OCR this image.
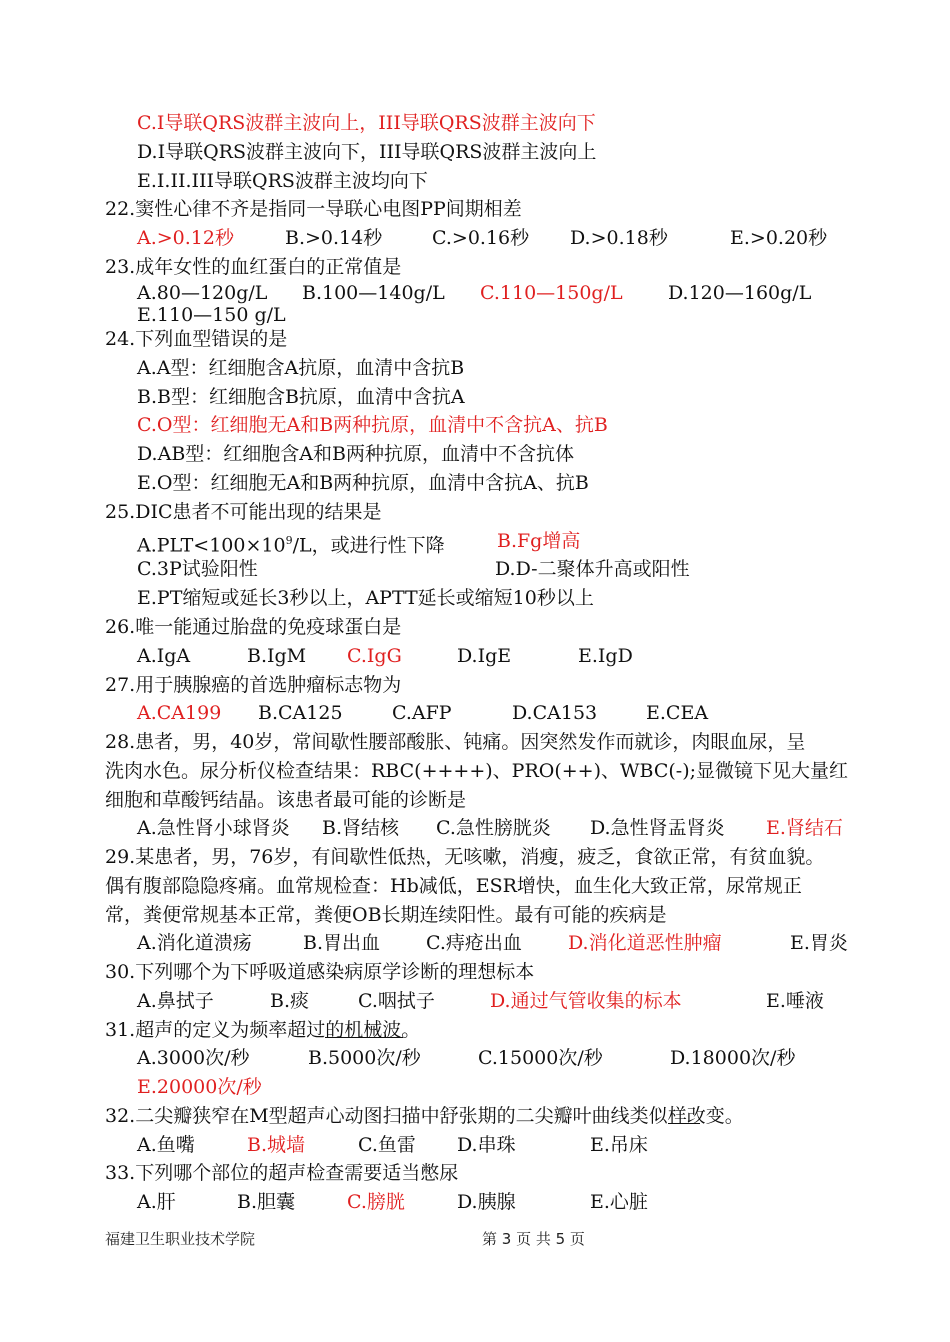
C.I导联QRS波群主波向上，III导联QRS波群主波向下
D.I导联QRS波群主波向下，III导联QRS波群主波向上
E.I.II.III导联QRS波群主波均向下
22.窦性心律不齐是指同一导联心电图PP间期相差
A.>0.12秒	B.>0.14秒	C.>0.16秒 D.>0.18秒	E.>0.20秒
23.成年女性的血红蛋白的正常值是
A.80—120g/L B.100—140g/L C.110—150g/L D.120—160g/L
E.110—150 g/L
24.下列血型错误的是
A.A型：红细胞含A抗原，血清中含抗B
B.B型：红细胞含B抗原，血清中含抗A
C.O型：红细胞无A和B两种抗原，血清中不含抗A、抗B
D.AB型：红细胞含A和B两种抗原，血清中不含抗体
E.O型：红细胞无A和B两种抗原，血清中含抗A、抗B
25.DIC患者不可能出现的结果是
$A.PLT<100\times 10^9/L$，或进行性下降	B.Fg增高
C.3P试验阳性	D.D-二聚体升高或阳性
E.PT缩短或延长3秒以上，APTT延长或缩短10秒以上
26.唯一能通过胎盘的免疫球蛋白是
A.IgA	B.IgM C.IgG	D.IgE	E.IgD
27.用于胰腺癌的首选肿瘤标志物为
A.CA199 B.CA125	C.AFP	D.CA153	E.CEA
28.患者，男，40岁，常间歇性腰部酸胀、钝痛。因突然发作而就诊，肉眼血尿，呈
洗肉水色。尿分析仪检查结果：RBC(++++)、PRO(++)、WBC(-);显微镜下见大量红
细胞和草酸钙结晶。该患者最可能的诊断是
A.急性肾小球肾炎 B.肾结核 C.急性膀胱炎 D.急性肾盂肾炎 E.肾结石
29.某患者，男，76岁，有间歇性低热，无咳嗽，消瘦，疲乏，食欲正常，有贫血貌。
偶有腹部隐隐疼痛。血常规检查：Hb减低，ESR增快，血生化大致正常，尿常规正
常，粪便常规基本正常，粪便OB长期连续阳性。最有可能的疾病是
A.消化道溃疡	B.胃出血 C.痔疮出血 D.消化道恶性肿瘤	E.胃炎
30.下列哪个为下呼吸道感染病原学诊断的理想标本
A.鼻拭子	B.痰	C.咽拭子	D.通过气管收集的标本	E.唾液
31.超声的定义为频率超过
的机械波。
A.3000次/秒	B.5000次/秒	C.15000次/秒	D.18000次/秒
E.20000次/秒
32.二尖瓣狭窄在M型超声心动图扫描中舒张期的二尖瓣叶曲线类似
样改变。
A.鱼嘴	B.城墙	C.鱼雷 D.串珠	E.吊床
33.下列哪个部位的超声检查需要适当憋尿
A.肝	B.胆囊	C.膀胱	D.胰腺	E.心脏
福建卫生职业技术学院	第 3 页 共 5 页
